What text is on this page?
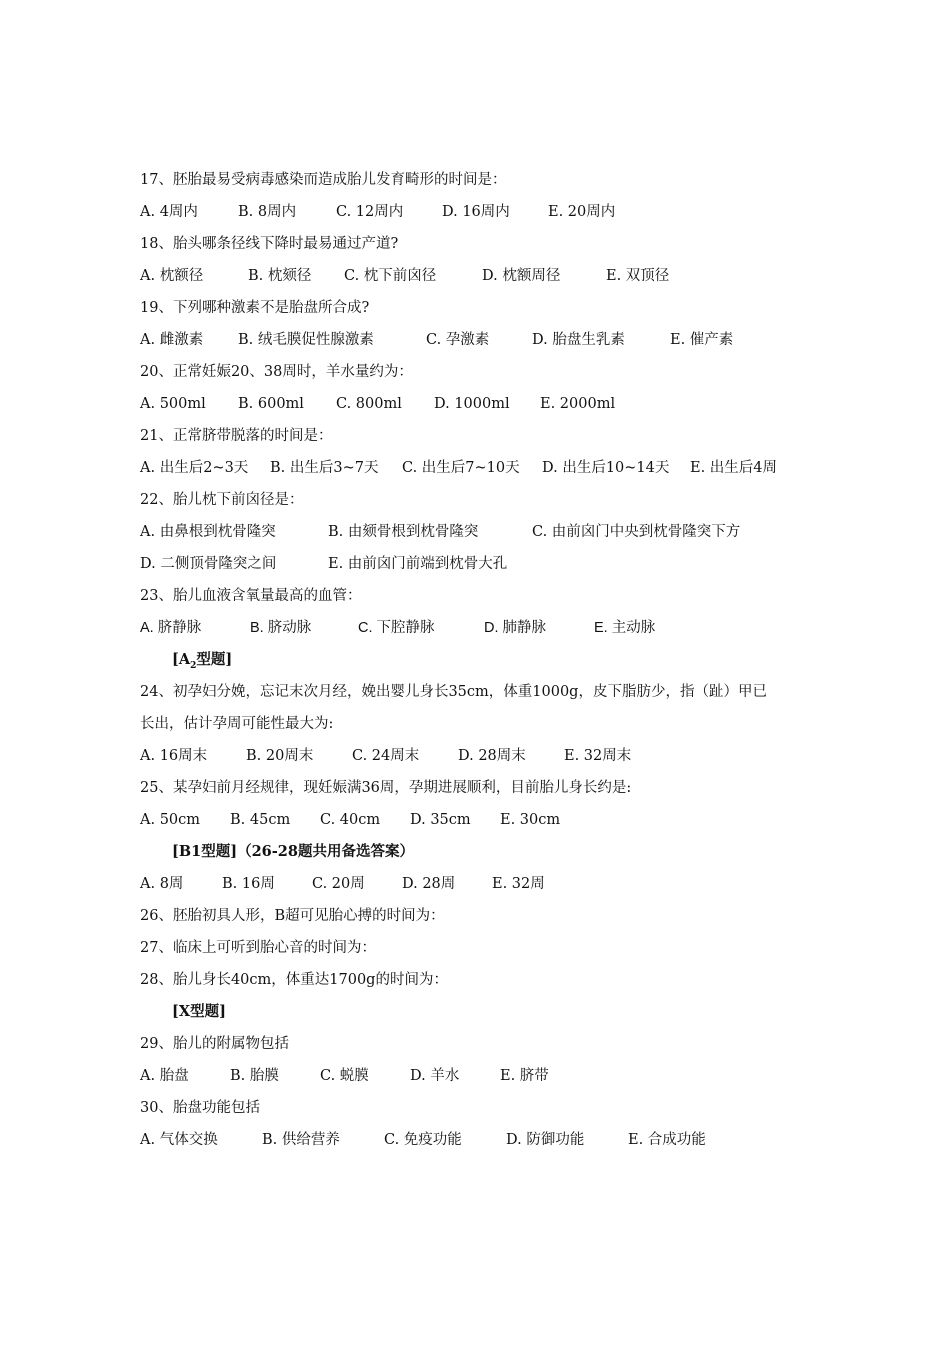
17、胚胎最易受病毒感染而造成胎儿发育畸形的时间是：
A. 4周内	B. 8周内	C. 12周内	D. 16周内	E. 20周内
18、胎头哪条径线下降时最易通过产道?
A. 枕额径	B. 枕颏径 C. 枕下前囟径	D. 枕额周径	E. 双顶径
19、下列哪种激素不是胎盘所合成?
A. 雌激素 B. 绒毛膜促性腺激素	C. 孕激素	D. 胎盘生乳素	E. 催产素
20、正常妊娠20、38周时，羊水量约为：
A. 500ml B. 600ml C. 800ml D. 1000ml E. 2000ml
21、正常脐带脱落的时间是：
A. 出生后2~3天 B. 出生后3~7天 C. 出生后7~10天 D. 出生后10~14天 E. 出生后4周
22、胎儿枕下前囟径是：
A. 由鼻根到枕骨隆突	B. 由颏骨根到枕骨隆突	C. 由前囟门中央到枕骨隆突下方
D. 二侧顶骨隆突之间	E. 由前囟门前端到枕骨大孔
23、胎儿血液含氧量最高的血管：
A. 脐静脉	B. 脐动脉	C. 下腔静脉	D. 肺静脉	E. 主动脉
[$A_2$型题]
24、初孕妇分娩，忘记末次月经，娩出婴儿身长35cm，体重1000g，皮下脂肪少，指（趾）甲已
长出，估计孕周可能性最大为:
A. 16周末	B. 20周末	C. 24周末	D. 28周末	E. 32周末
25、某孕妇前月经规律，现妊娠满36周，孕期进展顺利，目前胎儿身长约是:
A. 50cm B. 45cm C. 40cm D. 35cm E. 30cm
[B1型题]（26-28题共用备选答案）
A. 8周	B. 16周	C. 20周	D. 28周	E. 32周
26、胚胎初具人形，B超可见胎心搏的时间为：
27、临床上可听到胎心音的时间为：
28、胎儿身长40cm，体重达1700g的时间为：
[X型题]
29、胎儿的附属物包括
A. 胎盘	B. 胎膜	C. 蜕膜	D. 羊水	E. 脐带
30、胎盘功能包括
A. 气体交换	B. 供给营养	C. 免疫功能	D. 防御功能	E. 合成功能
